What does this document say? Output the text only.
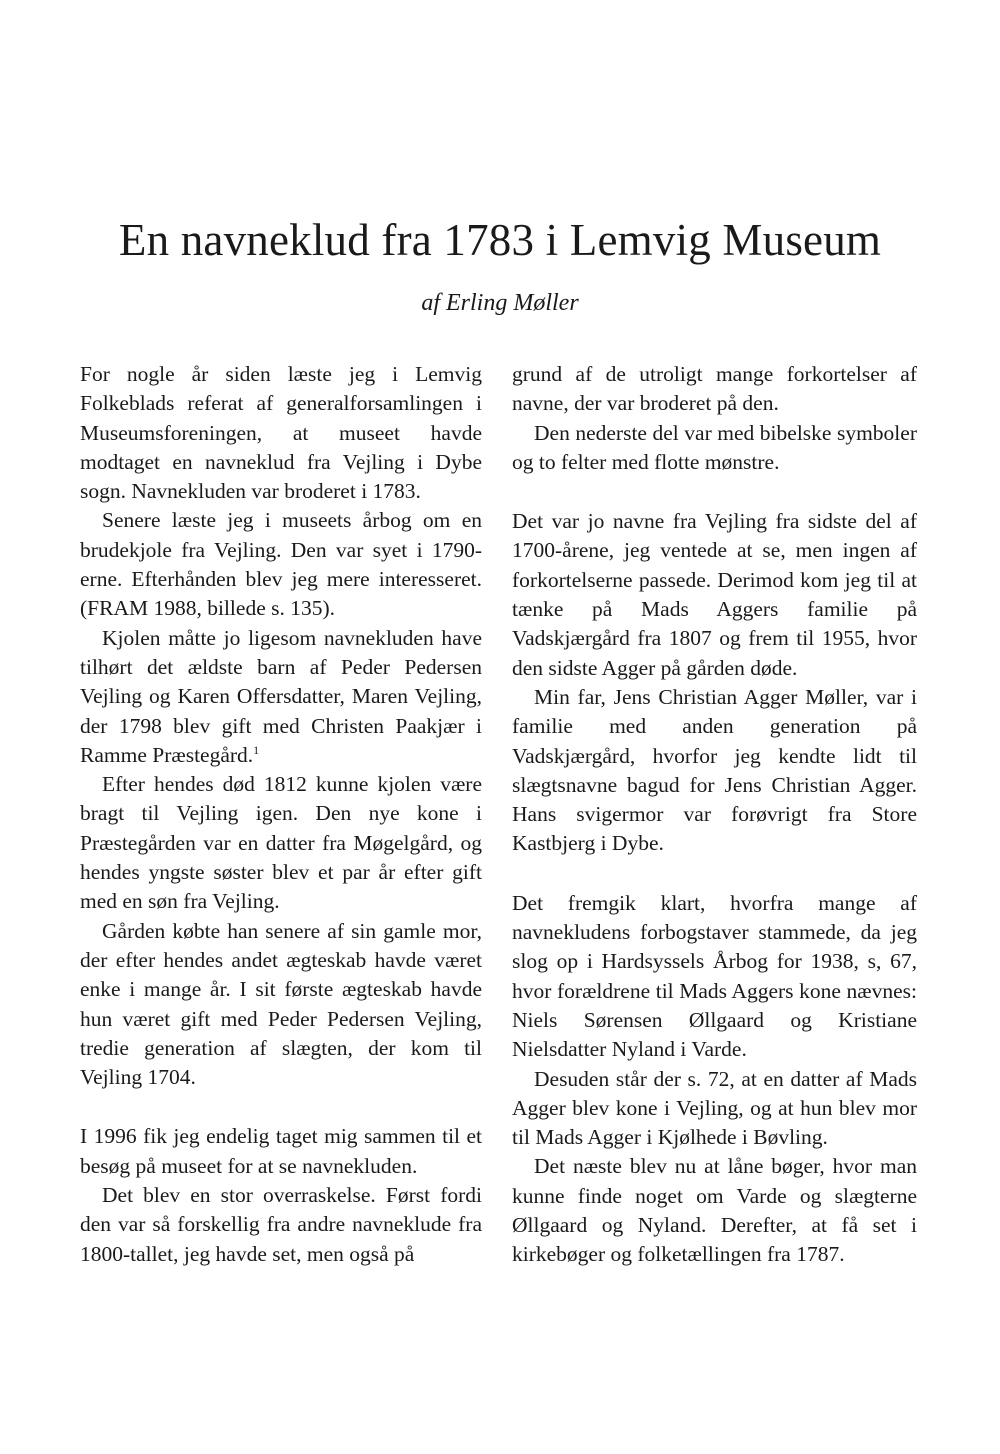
En navneklud fra 1783 i Lemvig Museum
af Erling Møller

For nogle år siden læste jeg i Lemvig Folkeblads referat af generalforsamlingen i Museumsforeningen, at museet havde modtaget en navneklud fra Vejling i Dybe sogn. Navnekluden var broderet i 1783.

Senere læste jeg i museets årbog om en brudekjole fra Vejling. Den var syet i 1790-erne. Efterhånden blev jeg mere interesseret. (FRAM 1988, billede s. 135).

Kjolen måtte jo ligesom navnekluden have tilhørt det ældste barn af Peder Pedersen Vejling og Karen Offersdatter, Maren Vejling, der 1798 blev gift med Christen Paakjær i Ramme Præstegård.$^1$

Efter hendes død 1812 kunne kjolen være bragt til Vejling igen. Den nye kone i Præstegården var en datter fra Møgelgård, og hendes yngste søster blev et par år efter gift med en søn fra Vejling.

Gården købte han senere af sin gamle mor, der efter hendes andet ægteskab havde været enke i mange år. I sit første ægteskab havde hun været gift med Peder Pedersen Vejling, tredie generation af slægten, der kom til Vejling 1704.

I 1996 fik jeg endelig taget mig sammen til et besøg på museet for at se navnekluden.

Det blev en stor overraskelse. Først fordi den var så forskellig fra andre navneklude fra 1800-tallet, jeg havde set, men også på

grund af de utroligt mange forkortelser af navne, der var broderet på den.

Den nederste del var med bibelske symboler og to felter med flotte mønstre.

Det var jo navne fra Vejling fra sidste del af 1700-årene, jeg ventede at se, men ingen af forkortelserne passede. Derimod kom jeg til at tænke på Mads Aggers familie på Vadskjærgård fra 1807 og frem til 1955, hvor den sidste Agger på gården døde.

Min far, Jens Christian Agger Møller, var i familie med anden generation på Vadskjærgård, hvorfor jeg kendte lidt til slægtsnavne bagud for Jens Christian Agger. Hans svigermor var forøvrigt fra Store Kastbjerg i Dybe.

Det fremgik klart, hvorfra mange af navnekludens forbogstaver stammede, da jeg slog op i Hardsyssels Årbog for 1938, s, 67, hvor forældrene til Mads Aggers kone nævnes: Niels Sørensen Øllgaard og Kristiane Nielsdatter Nyland i Varde.

Desuden står der s. 72, at en datter af Mads Agger blev kone i Vejling, og at hun blev mor til Mads Agger i Kjølhede i Bøvling.

Det næste blev nu at låne bøger, hvor man kunne finde noget om Varde og slægterne Øllgaard og Nyland. Derefter, at få set i kirkebøger og folketællingen fra 1787.
